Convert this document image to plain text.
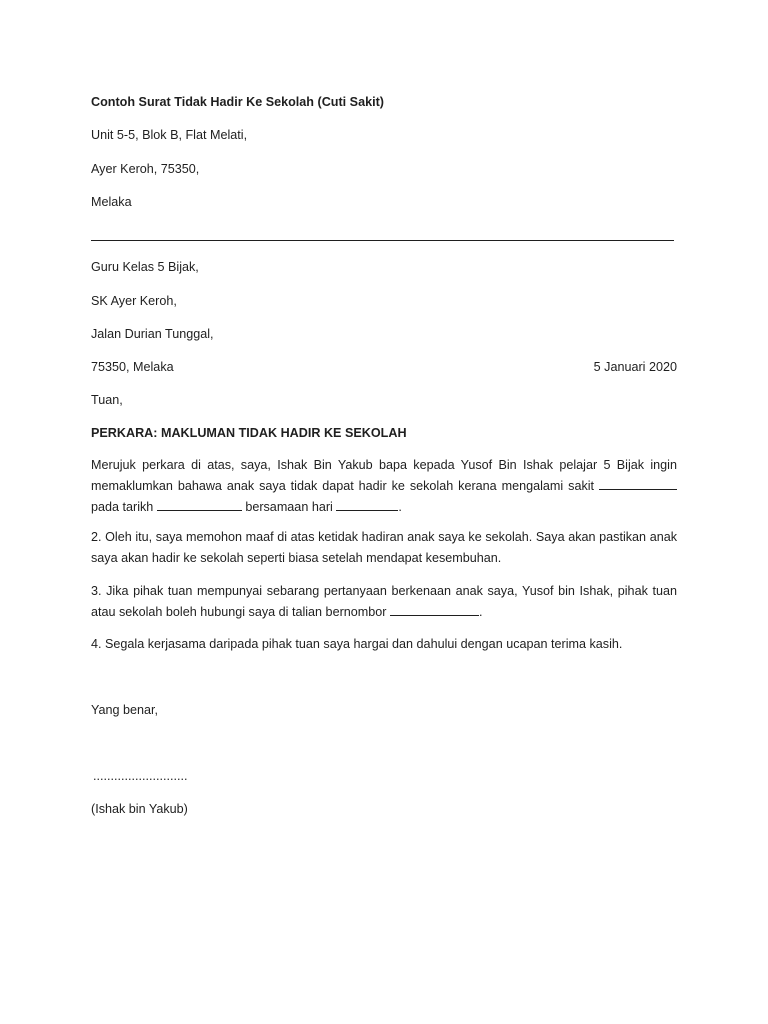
Contoh Surat Tidak Hadir Ke Sekolah (Cuti Sakit)
Unit 5-5, Blok B, Flat Melati,
Ayer Keroh, 75350,
Melaka
Guru Kelas 5 Bijak,
SK Ayer Keroh,
Jalan Durian Tunggal,
75350, Melaka	5 Januari 2020
Tuan,
PERKARA: MAKLUMAN TIDAK HADIR KE SEKOLAH
Merujuk perkara di atas, saya, Ishak Bin Yakub bapa kepada Yusof Bin Ishak pelajar 5 Bijak ingin memaklumkan bahawa anak saya tidak dapat hadir ke sekolah kerana mengalami sakit  pada tarikh	bersamaan hari	.
2. Oleh itu, saya memohon maaf di atas ketidak hadiran anak saya ke sekolah. Saya akan pastikan anak saya akan hadir ke sekolah seperti biasa setelah mendapat kesembuhan.
3. Jika pihak tuan mempunyai sebarang pertanyaan berkenaan anak saya, Yusof bin Ishak, pihak tuan atau sekolah boleh hubungi saya di talian bernombor	.
4. Segala kerjasama daripada pihak tuan saya hargai dan dahului dengan ucapan terima kasih.
Yang benar,
...........................
(Ishak bin Yakub)
